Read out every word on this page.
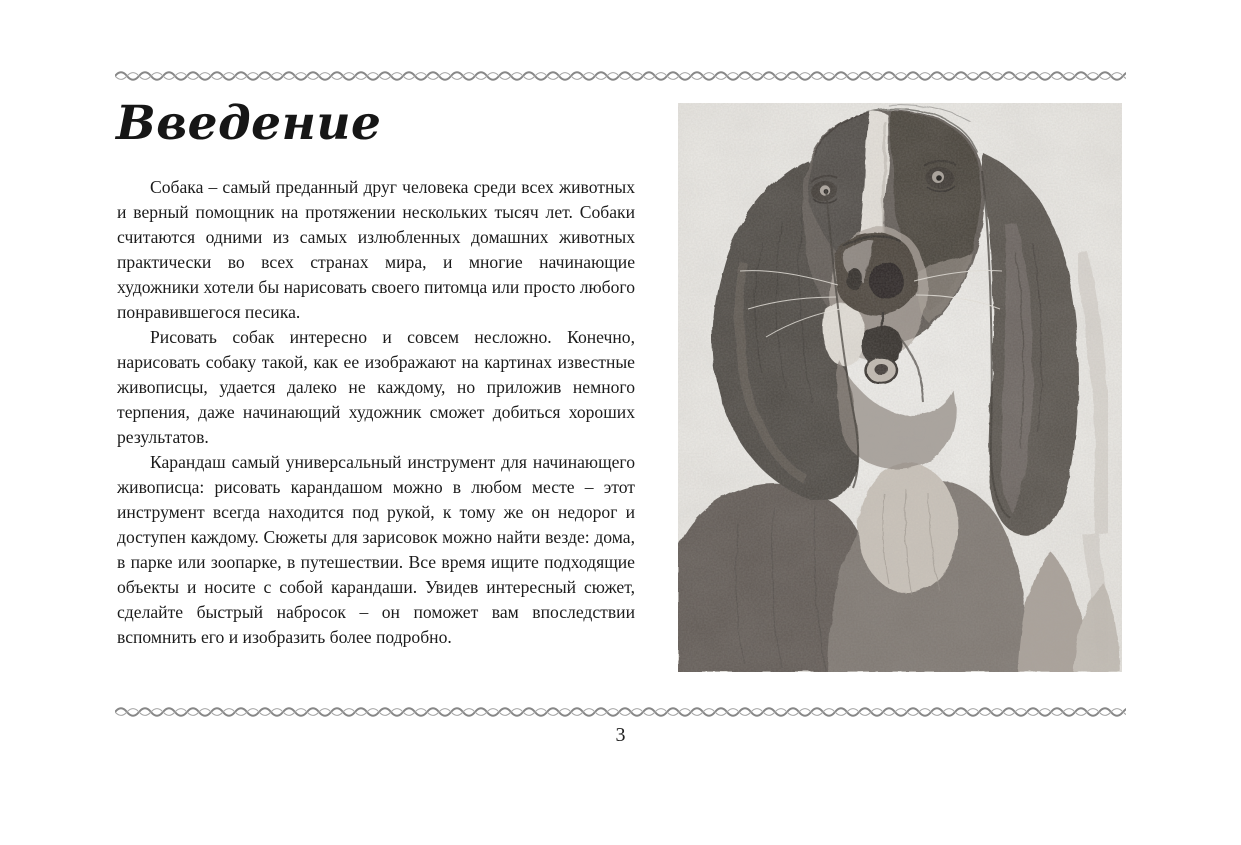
Введение

Собака – самый преданный друг человека среди всех животных и верный помощник на протяжении нескольких тысяч лет. Собаки считаются одними из самых излюбленных домашних животных практически во всех странах мира, и многие начинающие художники хотели бы нарисовать своего питомца или просто любого понравившегося песика.

Рисовать собак интересно и совсем несложно. Конечно, нарисовать собаку такой, как ее изображают на картинах известные живописцы, удается далеко не каждому, но приложив немного терпения, даже начинающий художник сможет добиться хороших результатов.

Карандаш самый универсальный инструмент для начинающего живописца: рисовать карандашом можно в любом месте – этот инструмент всегда находится под рукой, к тому же он недорог и доступен каждому. Сюжеты для зарисовок можно найти везде: дома, в парке или зоопарке, в путешествии. Все время ищите подходящие объекты и носите с собой карандаши. Увидев интересный сюжет, сделайте быстрый набросок – он поможет вам впоследствии вспомнить его и изобразить более подробно.

3
